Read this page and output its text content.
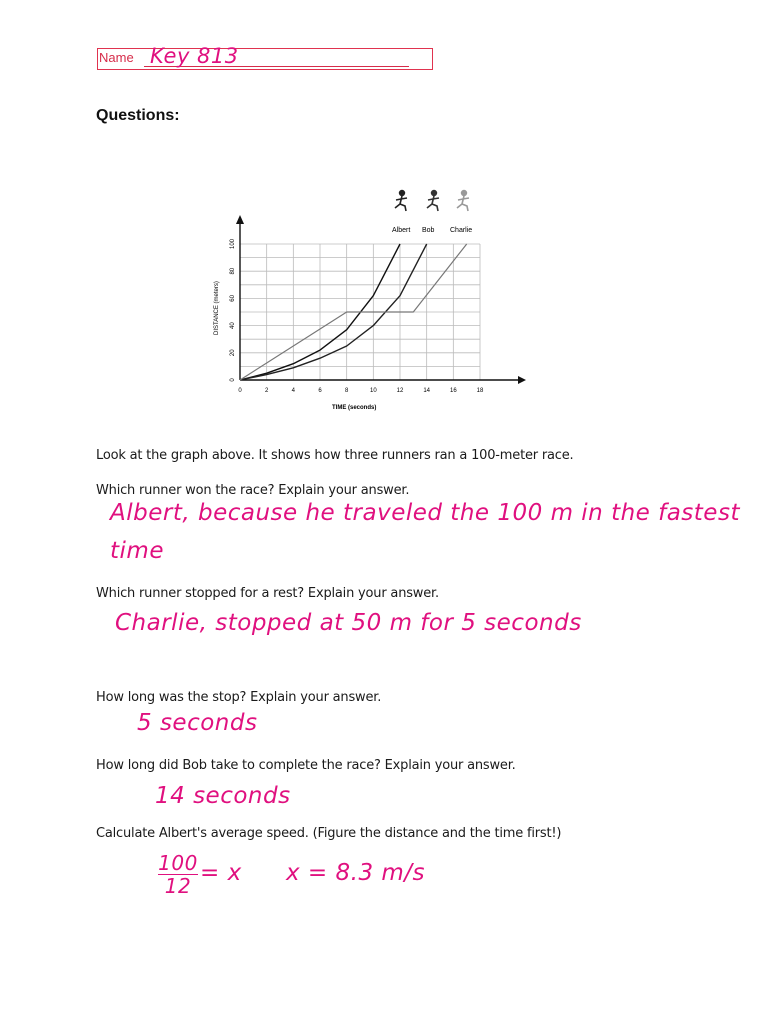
Name Key 813
Questions:
Albert Bob Charlie
0	2	4	6	8	10	12	14	16	18
0
20
40
60
80
100
TIME (seconds)
DISTANCE (meters)
Look at the graph above. It shows how three runners ran a 100-meter race.
Which runner won the race? Explain your answer.
Albert, because he traveled the 100 m in the fastest
time
Which runner stopped for a rest? Explain your answer.
Charlie, stopped at 50 m for 5 seconds
How long was the stop? Explain your answer.
5 seconds
How long did Bob take to complete the race? Explain your answer.
14 seconds
Calculate Albert's average speed. (Figure the distance and the time first!)
100
12 = x x = 8.3 m/s
